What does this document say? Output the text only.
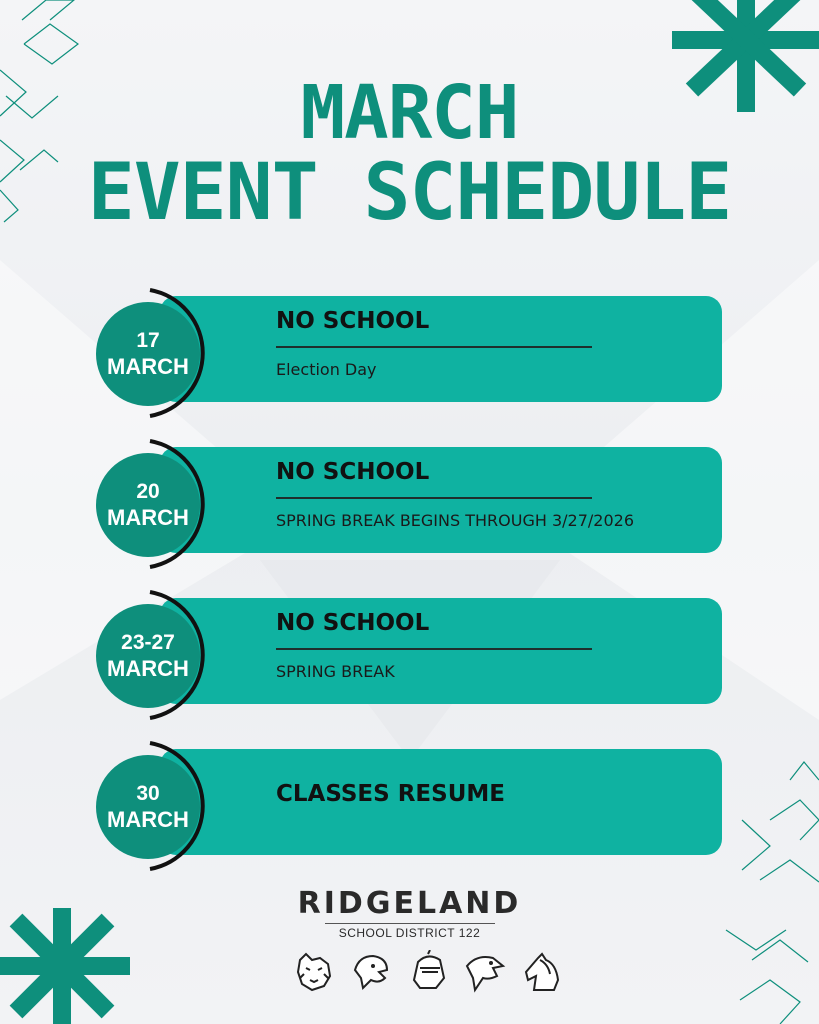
MARCH
EVENT SCHEDULE
17
MARCH
NO SCHOOL
Election Day
20
MARCH
NO SCHOOL
SPRING BREAK BEGINS THROUGH 3/27/2026
23-27
MARCH
NO SCHOOL
SPRING BREAK
30
MARCH
CLASSES RESUME
RIDGELAND
SCHOOL DISTRICT 122
